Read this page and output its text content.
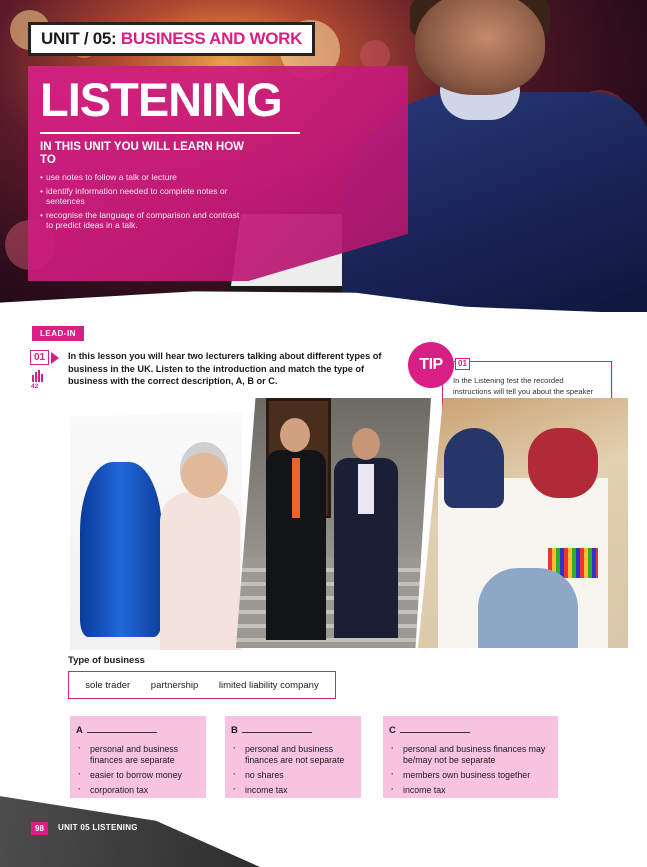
UNIT / 05: BUSINESS AND WORK
LISTENING
IN THIS UNIT YOU WILL LEARN HOW TO
• use notes to follow a talk or lecture
• identify information needed to complete notes or sentences
• recognise the language of comparison and contrast to predict ideas in a talk.
LEAD-IN
01
42
In this lesson you will hear two lecturers talking about different types of business in the UK. Listen to the introduction and match the type of business with the correct description, A, B or C.	In the Listening test the recorded instructions will tell you about the speaker
TIP	01
Type of business
sole trader partnership limited liability company
A
· personal and business finances are separate
· easier to borrow money
· corporation tax
B
· personal and business finances are not separate
· no shares
· income tax
C
· personal and business finances may be/may not be separate
· members own business together
· income tax
98	UNIT 05 LISTENING
